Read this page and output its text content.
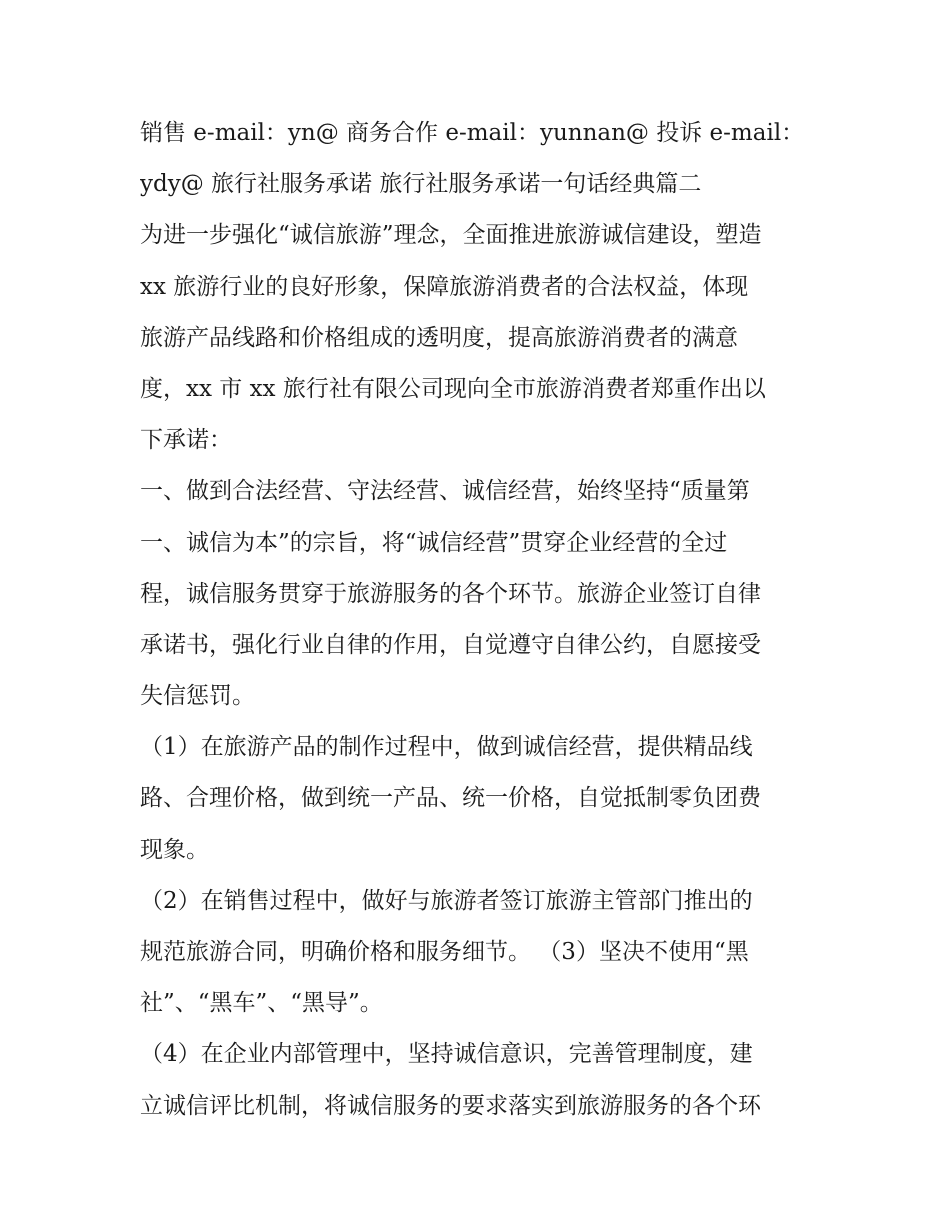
销售 e-mail：yn@ 商务合作 e-mail：yunnan@ 投诉 e-mail：
ydy@ 旅行社服务承诺 旅行社服务承诺一句话经典篇二
为进一步强化“诚信旅游”理念，全面推进旅游诚信建设，塑造
xx 旅游行业的良好形象，保障旅游消费者的合法权益，体现
旅游产品线路和价格组成的透明度，提高旅游消费者的满意
度，xx 市 xx 旅行社有限公司现向全市旅游消费者郑重作出以
下承诺：
一、做到合法经营、守法经营、诚信经营，始终坚持“质量第
一、诚信为本”的宗旨，将“诚信经营”贯穿企业经营的全过
程，诚信服务贯穿于旅游服务的各个环节。旅游企业签订自律
承诺书，强化行业自律的作用，自觉遵守自律公约，自愿接受
失信惩罚。
（1）在旅游产品的制作过程中，做到诚信经营，提供精品线
路、合理价格，做到统一产品、统一价格，自觉抵制零负团费
现象。
（2）在销售过程中，做好与旅游者签订旅游主管部门推出的
规范旅游合同，明确价格和服务细节。 （3）坚决不使用“黑
社”、“黑车”、“黑导”。
（4）在企业内部管理中，坚持诚信意识，完善管理制度，建
立诚信评比机制，将诚信服务的要求落实到旅游服务的各个环
